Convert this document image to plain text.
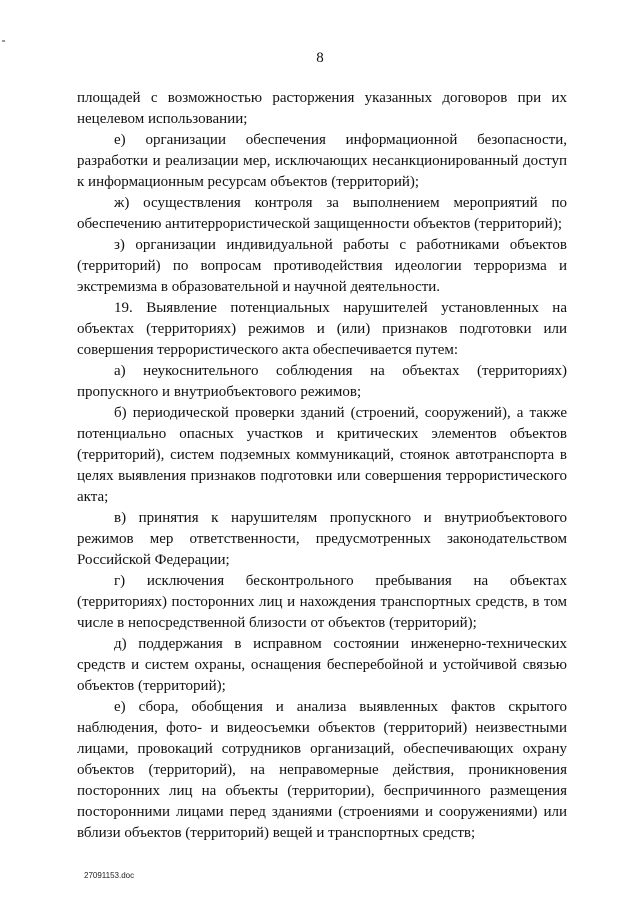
8

площадей с возможностью расторжения указанных договоров при их нецелевом использовании;

е) организации обеспечения информационной безопасности, разработки и реализации мер, исключающих несанкционированный доступ к информационным ресурсам объектов (территорий);

ж) осуществления контроля за выполнением мероприятий по обеспечению антитеррористической защищенности объектов (территорий);

з) организации индивидуальной работы с работниками объектов (территорий) по вопросам противодействия идеологии терроризма и экстремизма в образовательной и научной деятельности.

19. Выявление потенциальных нарушителей установленных на объектах (территориях) режимов и (или) признаков подготовки или совершения террористического акта обеспечивается путем:

а) неукоснительного соблюдения на объектах (территориях) пропускного и внутриобъектового режимов;

б) периодической проверки зданий (строений, сооружений), а также потенциально опасных участков и критических элементов объектов (территорий), систем подземных коммуникаций, стоянок автотранспорта в целях выявления признаков подготовки или совершения террористического акта;

в) принятия к нарушителям пропускного и внутриобъектового режимов мер ответственности, предусмотренных законодательством Российской Федерации;

г) исключения бесконтрольного пребывания на объектах (территориях) посторонних лиц и нахождения транспортных средств, в том числе в непосредственной близости от объектов (территорий);

д) поддержания в исправном состоянии инженерно-технических средств и систем охраны, оснащения бесперебойной и устойчивой связью объектов (территорий);

е) сбора, обобщения и анализа выявленных фактов скрытого наблюдения, фото- и видеосъемки объектов (территорий) неизвестными лицами, провокаций сотрудников организаций, обеспечивающих охрану объектов (территорий), на неправомерные действия, проникновения посторонних лиц на объекты (территории), беспричинного размещения посторонними лицами перед зданиями (строениями и сооружениями) или вблизи объектов (территорий) вещей и транспортных средств;

27091153.doc
